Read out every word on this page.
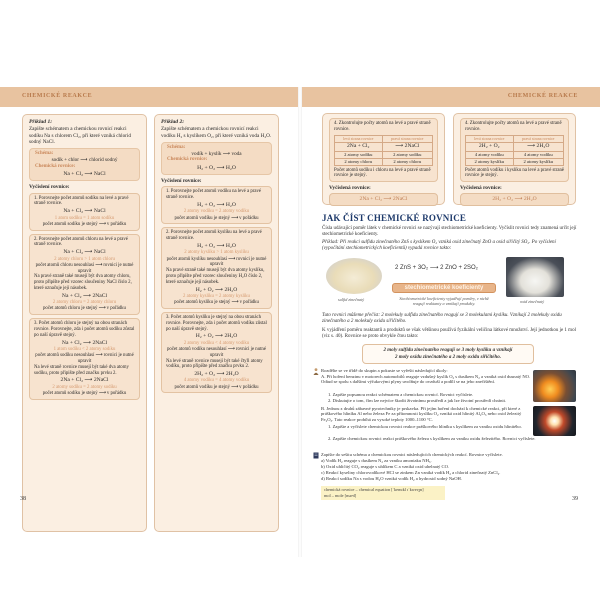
CHEMICKÉ REAKCE	CHEMICKÉ REAKCE
Příklad 1:
Zapište schématem a chemickou rovnicí reakci sodíku Na s chlorem Cl₂, při které vzniká chlorid sodný NaCl.
Schéma:
sodík + chlor ⟶ chlorid sodný
Chemická rovnice:
Na + Cl₂ ⟶ NaCl
Vyčíslení rovnice:
1. Porovnejte počet atomů sodíku na levé a pravé straně rovnice.
Na + Cl₂ ⟶ NaCl
1 atom sodíku = 1 atom sodíku
počet atomů sodíku je stejný ⟶ v pořádku
2. Porovnejte počet atomů chloru na levé a pravé straně rovnice.
Na + Cl₂ ⟶ NaCl
2 atomy chloru > 1 atom chloru
počet atomů chloru nesouhlasí ⟶ rovnici je nutné upravit
Na pravé straně také musejí být dva atomy chloru, proto připište před vzorec sloučeniny NaCl číslo 2, které označuje její násobek.
Na + Cl₂ ⟶ 2NaCl
2 atomy chloru = 2 atomy chloru
počet atomů chloru je stejný ⟶ v pořádku
3. Počet atomů chloru je stejný na obou stranách rovnice. Porovnejte, zda i počet atomů sodíku zůstal po naší úpravě stejný.
Na + Cl₂ ⟶ 2NaCl
1 atom sodíku < 2 atomy sodíku
počet atomů sodíku nesouhlasí ⟶ rovnici je nutné upravit
Na levé straně rovnice musejí být také dva atomy sodíku, proto připište před značku prvku 2.
2Na + Cl₂ ⟶ 2NaCl
2 atomy sodíku = 2 atomy sodíku
počet atomů sodíku je stejný ⟶ v pořádku
Příklad 2:
Zapište schématem a chemickou rovnicí reakci vodíku H₂ s kyslíkem O₂, při které vzniká voda H₂O.
Schéma:
vodík + kyslík ⟶ voda
Chemická rovnice:
H₂ + O₂ ⟶ H₂O
Vyčíslení rovnice:
1. Porovnejte počet atomů vodíku na levé a pravé straně rovnice.
H₂ + O₂ ⟶ H₂O
2 atomy vodíku = 2 atomy vodíku
počet atomů vodíku je stejný ⟶ v pořádku
2. Porovnejte počet atomů kyslíku na levé a pravé straně rovnice.
H₂ + O₂ ⟶ H₂O
2 atomy kyslíku > 1 atom kyslíku
počet atomů kyslíku nesouhlasí ⟶ rovnici je nutné upravit
Na pravé straně také musejí být dva atomy kyslíku, proto připište před vzorec sloučeniny H₂O číslo 2, které označuje její násobek.
H₂ + O₂ ⟶ 2H₂O
2 atomy kyslíku = 2 atomy kyslíku
počet atomů kyslíku je stejný ⟶ v pořádku
3. Počet atomů kyslíku je stejný na obou stranách rovnice. Porovnejte, zda i počet atomů vodíku zůstal po naší úpravě stejný.
H₂ + O₂ ⟶ 2H₂O
2 atomy vodíku < 4 atomy vodíku
počet atomů vodíku nesouhlasí ⟶ rovnici je nutné upravit
Na levé straně rovnice musejí být také čtyři atomy vodíku, proto připište před značku prvku 2.
2H₂ + O₂ ⟶ 2H₂O
4 atomy vodíku = 4 atomy vodíku
počet atomů vodíku je stejný ⟶ v pořádku
38
4. Zkontrolujte počty atomů na levé a pravé straně rovnice.
levá strana rovnice	pravá strana rovnice
2Na + Cl₂	⟶ 2NaCl
2 atomy sodíku	2 atomy sodíku
2 atomy chloru	2 atomy chloru
Počet atomů sodíku i chloru na levé a pravé straně rovnice je stejný.
Vyčíslená rovnice:
2Na + Cl₂ ⟶ 2NaCl
4. Zkontrolujte počty atomů na levé a pravé straně rovnice.
levá strana rovnice	pravá strana rovnice
2H₂ + O₂	⟶ 2H₂O
4 atomy vodíku	4 atomy vodíku
2 atomy kyslíku	2 atomy kyslíku
Počet atomů vodíku i kyslíku na levé a pravé straně rovnice je stejný.
Vyčíslená rovnice:
2H₂ + O₂ ⟶ 2H₂O
JAK ČÍST CHEMICKÉ ROVNICE
Čísla udávající poměr látek v chemické rovnici se nazývají stechiometrické koeficienty. Vyčíslit rovnici tedy znamená určit její stechiometrické koeficienty.
Příklad: Při reakci sulfidu zinečnatého ZnS s kyslíkem O₂ vzniká oxid zinečnatý ZnO a oxid siřičitý SO₂. Po vyčíslení (vypočítání stechiometrických koeficientů) vypadá rovnice takto:
sulfid zinečnatý
2 ZnS + 3O₂ ⟶ 2 ZnO + 2SO₂
stechiometrické koeficienty
Stechiometrické koeficienty vyjadřují poměry, v nichž reagují reaktanty a vznikají produkty.	oxid zinečnatý
Tuto rovnici můžeme přečíst: 2 molekuly sulfidu zinečnatého reagují se 3 molekulami kyslíku. Vznikají 2 molekuly oxidu zinečnatého a 2 molekuly oxidu siřičitého.
K vyjádření poměru reaktantů a produktů se však většinou používá fyzikální veličina látkové množství. Její jednotkou je 1 mol (viz s. 40). Rovnice se proto obvykle čtou takto:
2 moly sulfidu zinečnatého reagují se 3 moly kyslíku a vznikají
2 moly oxidu zinečnatého a 2 moly oxidu siřičitého.
Rozdělte se ve třídě do skupin a pokuste se vyřešit následující úkoly:
A. Při hoření benzinu v motorech automobilů reaguje vzdušný kyslík O₂ s dusíkem N₂ a vzniká oxid dusnatý NO. Odtud se spolu s dalšími výfukovými plyny uvolňuje do ovzduší a podílí se na jeho znečištění.
1. Zapište popsanou reakci schématem a chemickou rovnicí. Rovnici vyčíslete.
2. Diskutujte o tom, čím lze nejvíce škodit životnímu prostředí a jak lze životní prostředí chránit.
B. Jednou z druhů zábavné pyrotechniky je prskavka. Při jejím hoření dochází k chemické reakci, při které z práškového hliníku Al nebo železa Fe za přítomnosti kyslíku O₂ vzniká oxid hlinitý Al₂O₃ nebo oxid železitý Fe₂O₃. Tato reakce probíhá za vysoké teploty 1000–1100 °C.
1. Zapište a vyčíslete chemickou rovnici reakce práškového hliníku s kyslíkem za vzniku oxidu hlinitého.
2. Zapište chemickou rovnici reakci práškového železa s kyslíkem za vzniku oxidu železitého. Rovnici vyčíslete.
Zapište do sešitu schéma a chemickou rovnici následujících chemických reakcí. Rovnice vyčíslete.
a) Vodík H₂ reaguje s dusíkem N₂ za vzniku amoniaku NH₃.
b) Oxid uhličitý CO₂ reaguje s uhlíkem C a vzniká oxid uhelnatý CO.
c) Reakcí kyseliny chlorovodíkové HCl se zinkem Zn vzniká vodík H₂ a chlorid zinečnatý ZnCl₂.
d) Reakcí sodíku Na s vodou H₂O vzniká vodík H₂ a hydroxid sodný NaOH.
chemická rovnice – chemical equation [ˈkemɪkl ɪˈkweɪʒn]
mol – mole [məʊl]
39
